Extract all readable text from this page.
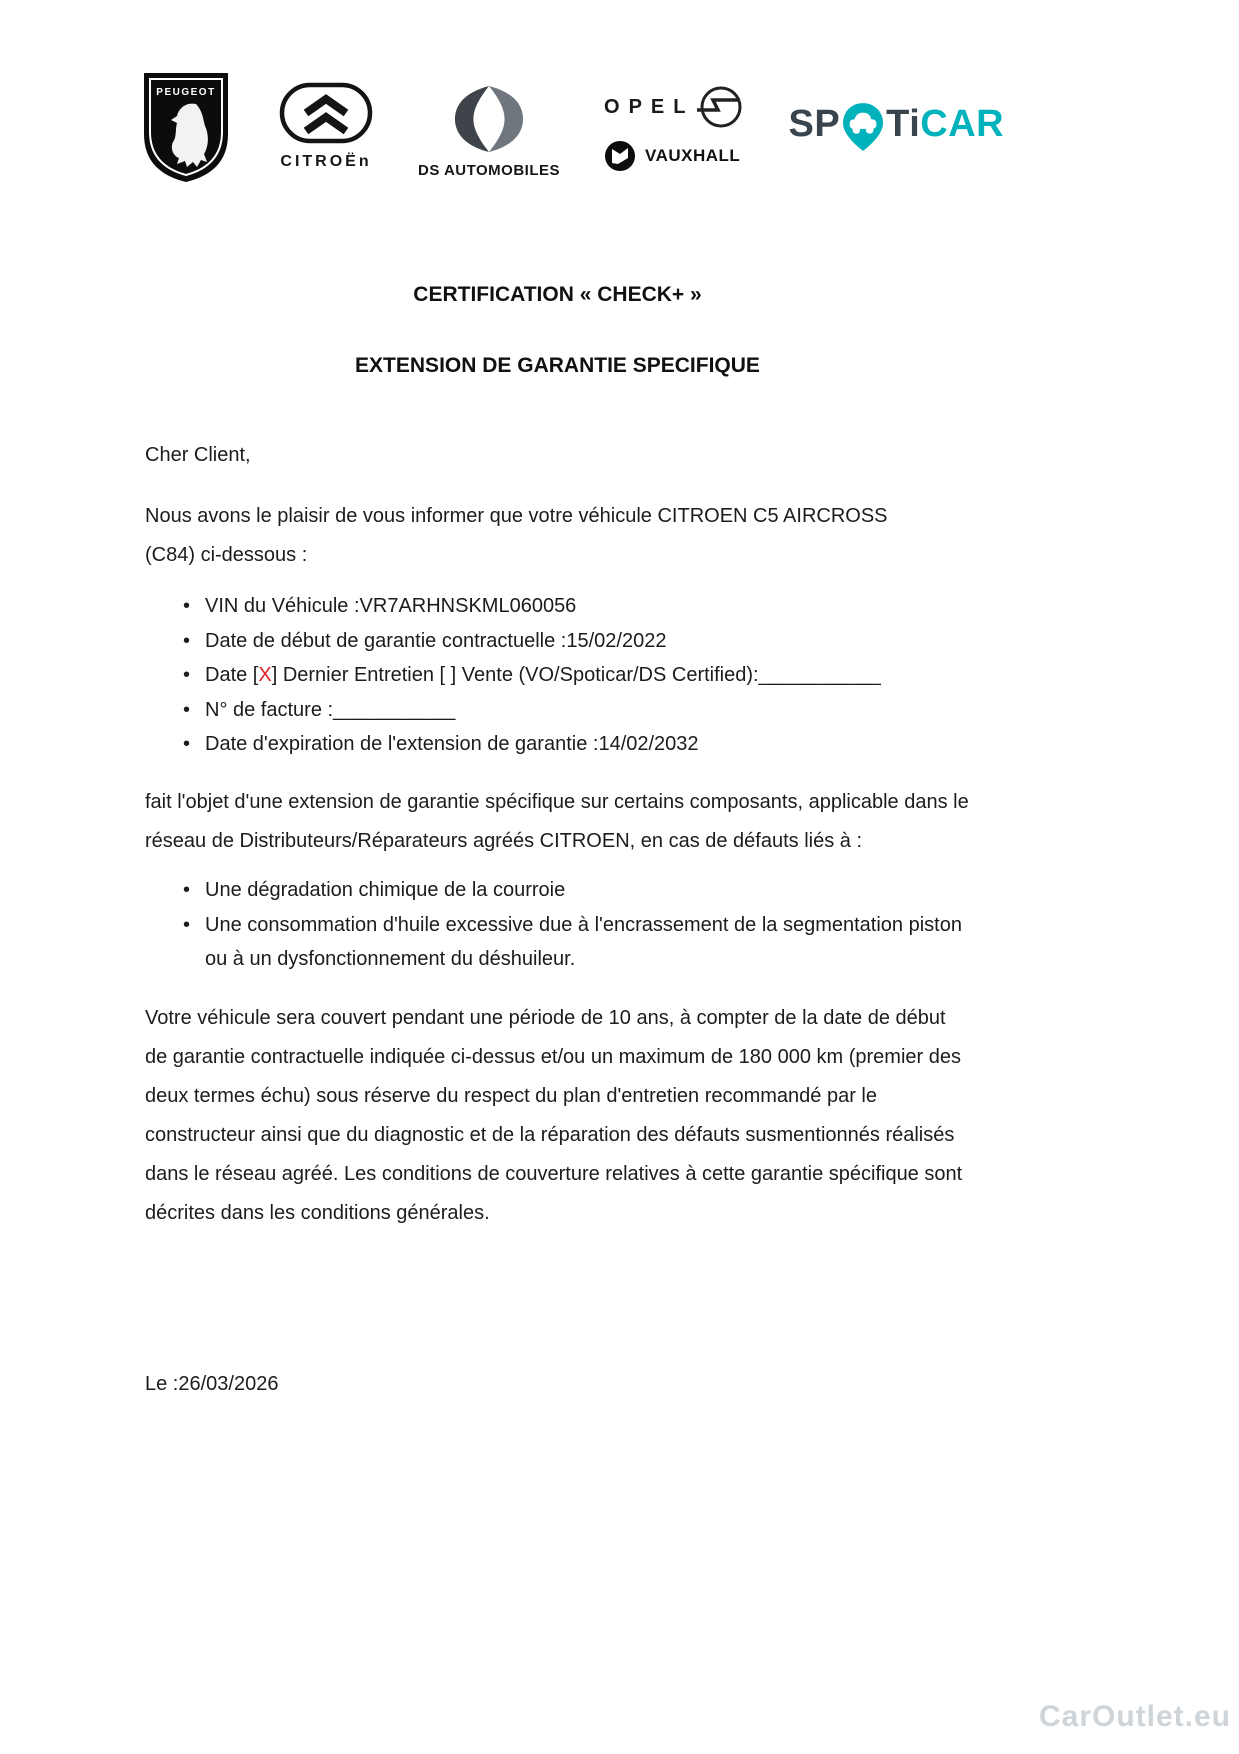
PEUGEOT
CITROËn
DS AUTOMOBILES
OPEL
VAUXHALL
SP Ti CAR
CERTIFICATION « CHECK+ »
EXTENSION DE GARANTIE SPECIFIQUE

Cher Client,

Nous avons le plaisir de vous informer que votre véhicule CITROEN C5 AIRCROSS (C84) ci-dessous :

• VIN du Véhicule :VR7ARHNSKML060056
• Date de début de garantie contractuelle :15/02/2022
• Date [X] Dernier Entretien [ ] Vente (VO/Spoticar/DS Certified):___________
• N° de facture :___________
• Date d'expiration de l'extension de garantie :14/02/2032

fait l'objet d'une extension de garantie spécifique sur certains composants, applicable dans le réseau de Distributeurs/Réparateurs agréés CITROEN, en cas de défauts liés à :

• Une dégradation chimique de la courroie
• Une consommation d'huile excessive due à l'encrassement de la segmentation piston ou à un dysfonctionnement du déshuileur.

Votre véhicule sera couvert pendant une période de 10 ans, à compter de la date de début de garantie contractuelle indiquée ci-dessus et/ou un maximum de 180 000 km (premier des deux termes échu) sous réserve du respect du plan d'entretien recommandé par le constructeur ainsi que du diagnostic et de la réparation des défauts susmentionnés réalisés dans le réseau agréé. Les conditions de couverture relatives à cette garantie spécifique sont décrites dans les conditions générales.

Le :26/03/2026

CarOutlet.eu
